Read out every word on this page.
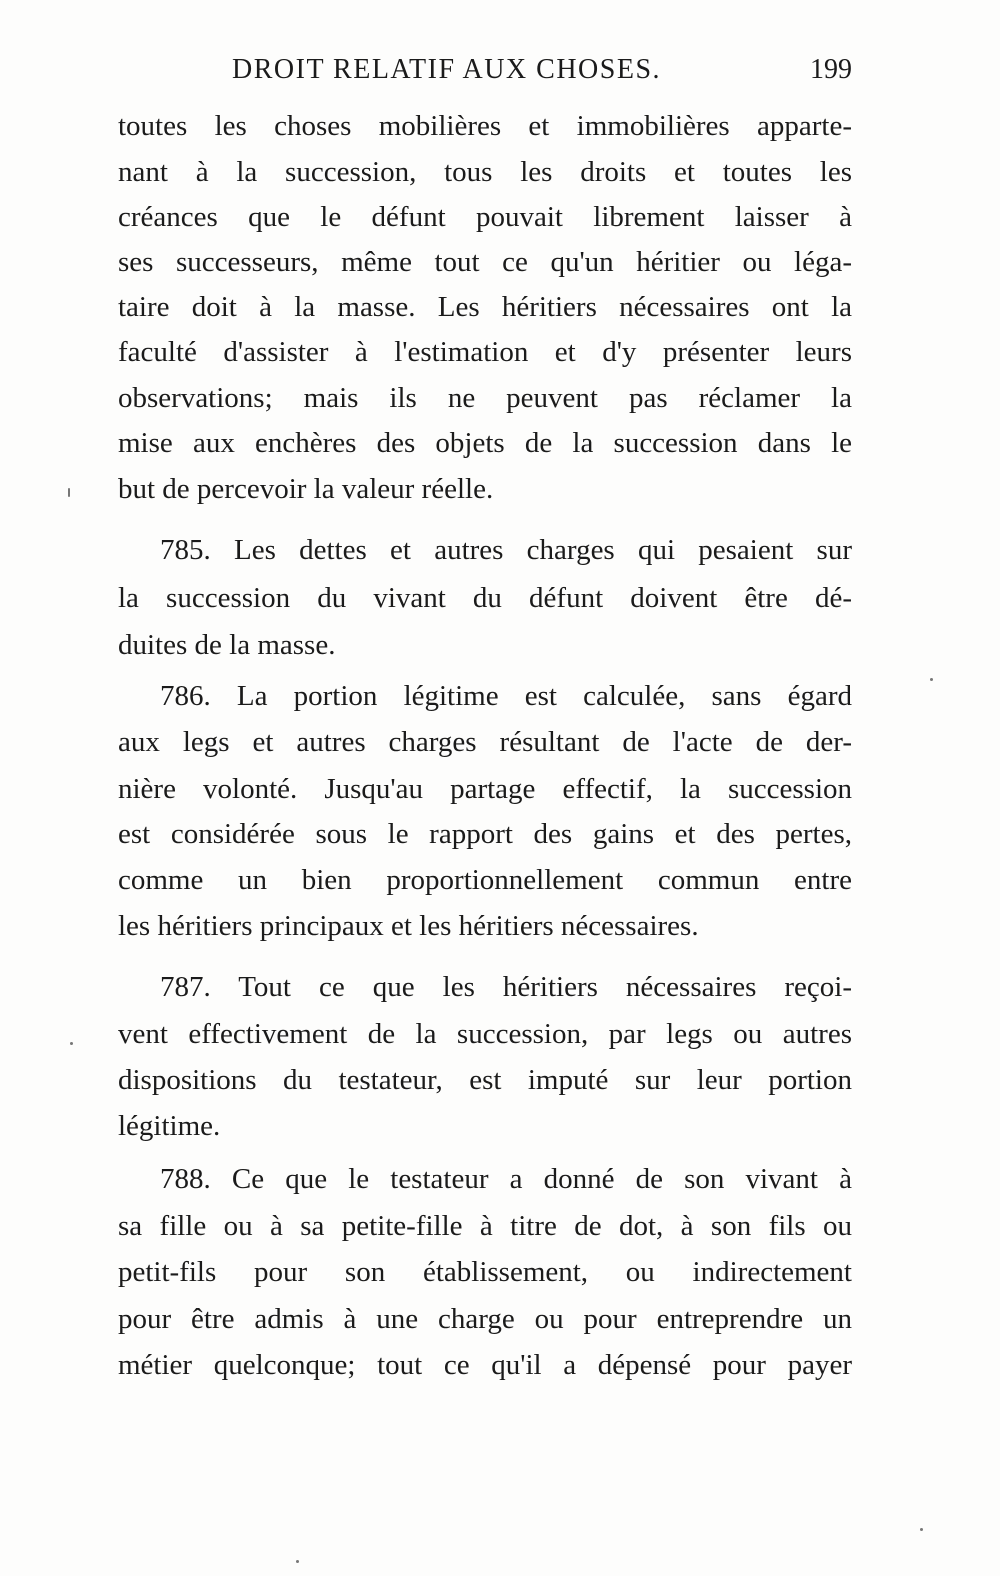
DROIT RELATIF AUX CHOSES.	199
toutes les choses mobilières et immobilières apparte-
nant à la succession, tous les droits et toutes les
créances que le défunt pouvait librement laisser à
ses successeurs, même tout ce qu'un héritier ou léga-
taire doit à la masse. Les héritiers nécessaires ont la
faculté d'assister à l'estimation et d'y présenter leurs
observations; mais ils ne peuvent pas réclamer la
mise aux enchères des objets de la succession dans le
but de percevoir la valeur réelle.
785. Les dettes et autres charges qui pesaient sur
la succession du vivant du défunt doivent être dé-
duites de la masse.
786. La portion légitime est calculée, sans égard
aux legs et autres charges résultant de l'acte de der-
nière volonté. Jusqu'au partage effectif, la succession
est considérée sous le rapport des gains et des pertes,
comme un bien proportionnellement commun entre
les héritiers principaux et les héritiers nécessaires.
787. Tout ce que les héritiers nécessaires reçoi-
vent effectivement de la succession, par legs ou autres
dispositions du testateur, est imputé sur leur portion
légitime.
788. Ce que le testateur a donné de son vivant à
sa fille ou à sa petite-fille à titre de dot, à son fils ou
petit-fils pour son établissement, ou indirectement
pour être admis à une charge ou pour entreprendre un
métier quelconque; tout ce qu'il a dépensé pour payer
